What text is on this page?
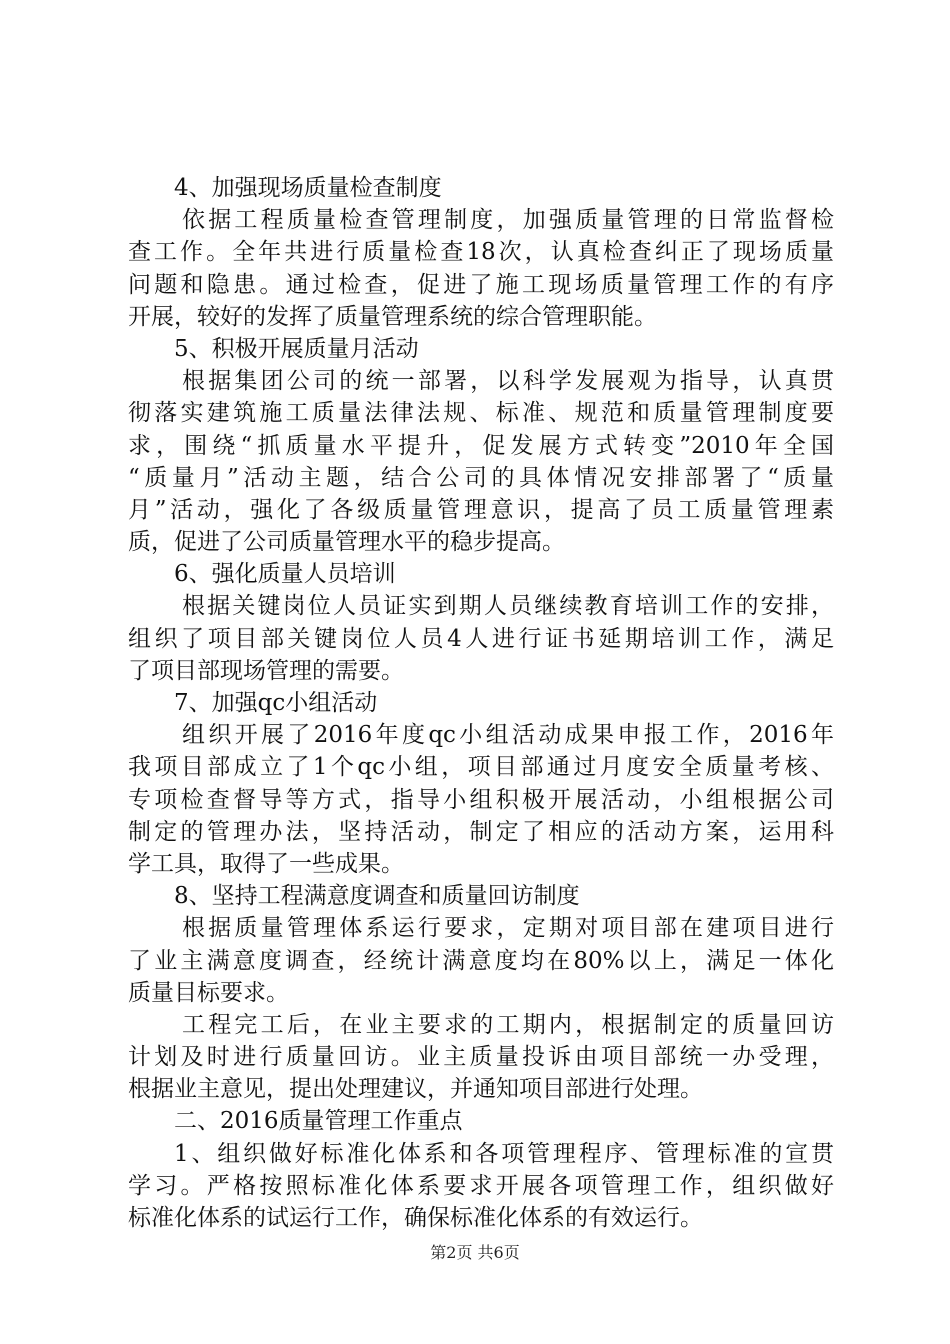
4、加强现场质量检查制度
依据工程质量检查管理制度，加强质量管理的日常监督检
查工作。全年共进行质量检查18次，认真检查纠正了现场质量
问题和隐患。通过检查，促进了施工现场质量管理工作的有序
开展，较好的发挥了质量管理系统的综合管理职能。
5、积极开展质量月活动
根据集团公司的统一部署，以科学发展观为指导，认真贯
彻落实建筑施工质量法律法规、标准、规范和质量管理制度要
求，围绕“抓质量水平提升，促发展方式转变”2010年全国
“质量月”活动主题，结合公司的具体情况安排部署了“质量
月”活动，强化了各级质量管理意识，提高了员工质量管理素
质，促进了公司质量管理水平的稳步提高。
6、强化质量人员培训
根据关键岗位人员证实到期人员继续教育培训工作的安排，
组织了项目部关键岗位人员4人进行证书延期培训工作，满足
了项目部现场管理的需要。
7、加强qc小组活动
组织开展了2016年度qc小组活动成果申报工作，2016年
我项目部成立了1个qc小组，项目部通过月度安全质量考核、
专项检查督导等方式，指导小组积极开展活动，小组根据公司
制定的管理办法，坚持活动，制定了相应的活动方案，运用科
学工具，取得了一些成果。
8、坚持工程满意度调查和质量回访制度
根据质量管理体系运行要求，定期对项目部在建项目进行
了业主满意度调查，经统计满意度均在80%以上，满足一体化
质量目标要求。
工程完工后，在业主要求的工期内，根据制定的质量回访
计划及时进行质量回访。业主质量投诉由项目部统一办受理，
根据业主意见，提出处理建议，并通知项目部进行处理。
二、2016质量管理工作重点
1、组织做好标准化体系和各项管理程序、管理标准的宣贯
学习。严格按照标准化体系要求开展各项管理工作，组织做好
标准化体系的试运行工作，确保标准化体系的有效运行。
第2页 共6页
